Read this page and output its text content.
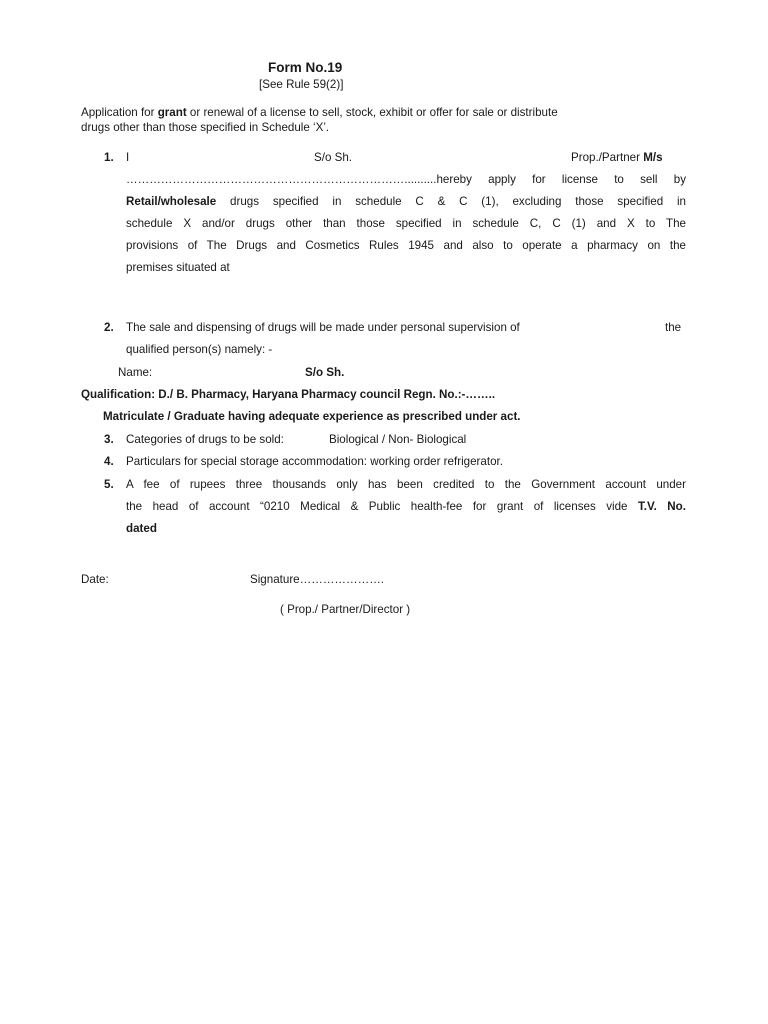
Form No.19
[See Rule 59(2)]
Application for grant or renewal of a license to sell, stock, exhibit or offer for sale or distribute
drugs other than those specified in Schedule ‘X’.
1. I	S/o Sh.	Prop./Partner M/s
………………………………………………………………..........hereby apply for license to sell by
Retail/wholesale drugs specified in schedule C & C (1), excluding those specified in
schedule X and/or drugs other than those specified in schedule C, C (1) and X to The
provisions of The Drugs and Cosmetics Rules 1945 and also to operate a pharmacy on the
premises situated at
2. The sale and dispensing of drugs will be made under personal supervision of	the
qualified person(s) namely: -
Name:	S/o Sh.
Qualification: D./ B. Pharmacy, Haryana Pharmacy council Regn. No.:-……..
Matriculate / Graduate having adequate experience as prescribed under act.
3. Categories of drugs to be sold:	Biological / Non- Biological
4. Particulars for special storage accommodation: working order refrigerator.
5. A fee of rupees three thousands only has been credited to the Government account under
the head of account “0210 Medical & Public health-fee for grant of licenses vide T.V. No.
dated
Date:	Signature………………….
( Prop./ Partner/Director )
